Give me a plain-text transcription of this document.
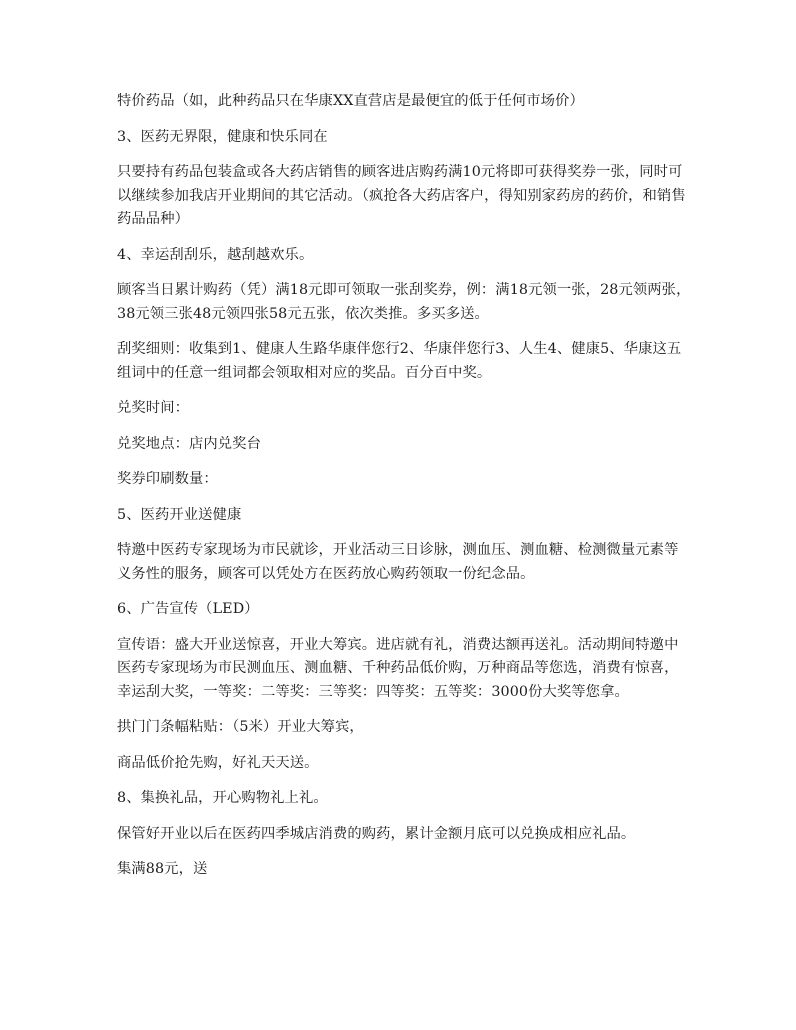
特价药品（如，此种药品只在华康XX直营店是最便宜的低于任何市场价）

3、医药无界限，健康和快乐同在

只要持有药品包装盒或各大药店销售的顾客进店购药满10元将即可获得奖券一张，同时可以继续参加我店开业期间的其它活动。（疯抢各大药店客户，得知别家药房的药价，和销售药品品种）

4、幸运刮刮乐，越刮越欢乐。

顾客当日累计购药（凭）满18元即可领取一张刮奖券，例：满18元领一张，28元领两张，38元领三张48元领四张58元五张，依次类推。多买多送。

刮奖细则：收集到1、健康人生路华康伴您行2、华康伴您行3、人生4、健康5、华康这五组词中的任意一组词都会领取相对应的奖品。百分百中奖。

兑奖时间：

兑奖地点：店内兑奖台

奖券印刷数量：

5、医药开业送健康

特邀中医药专家现场为市民就诊，开业活动三日诊脉，测血压、测血糖、检测微量元素等义务性的服务，顾客可以凭处方在医药放心购药领取一份纪念品。

6、广告宣传（LED）

宣传语：盛大开业送惊喜，开业大筹宾。进店就有礼，消费达额再送礼。活动期间特邀中医药专家现场为市民测血压、测血糖、千种药品低价购，万种商品等您选，消费有惊喜，幸运刮大奖，一等奖：二等奖：三等奖：四等奖：五等奖：3000份大奖等您拿。

拱门门条幅粘贴：（5米）开业大筹宾，

商品低价抢先购，好礼天天送。

8、集换礼品，开心购物礼上礼。

保管好开业以后在医药四季城店消费的购药，累计金额月底可以兑换成相应礼品。

集满88元，送
